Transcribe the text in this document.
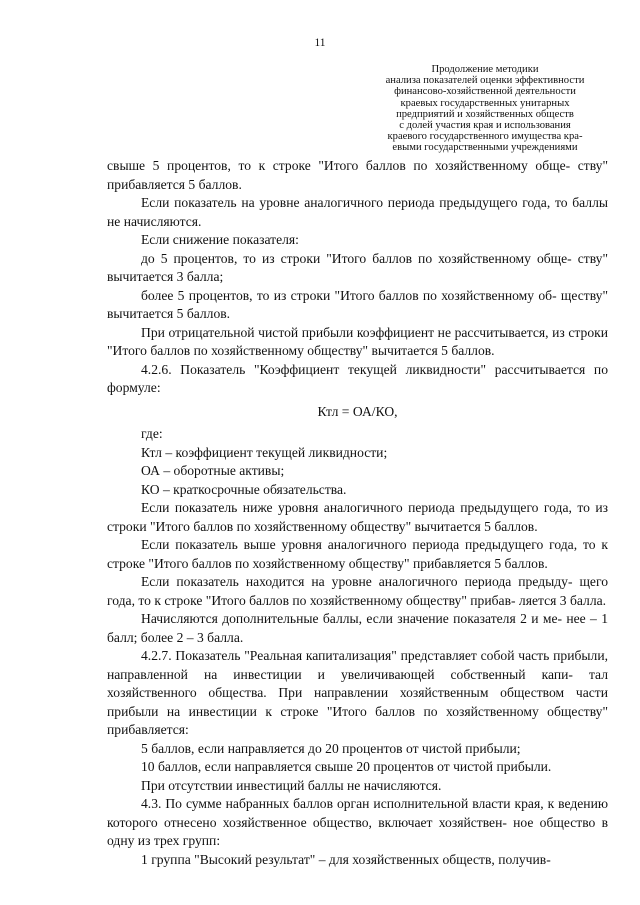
11
Продолжение методики
анализа показателей оценки эффективности
финансово-хозяйственной деятельности
краевых государственных унитарных
предприятий и хозяйственных обществ
с долей участия края и использования
краевого государственного имущества кра-
евыми государственными учреждениями

свыше 5 процентов, то к строке "Итого баллов по хозяйственному обще- ству" прибавляется 5 баллов.

Если показатель на уровне аналогичного периода предыдущего года, то баллы не начисляются.

Если снижение показателя:

до 5 процентов, то из строки "Итого баллов по хозяйственному обще- ству" вычитается 3 балла;

более 5 процентов, то из строки "Итого баллов по хозяйственному об- ществу" вычитается 5 баллов.

При отрицательной чистой прибыли коэффициент не рассчитывается, из строки "Итого баллов по хозяйственному обществу" вычитается 5 баллов.

4.2.6. Показатель "Коэффициент текущей ликвидности" рассчитывается по формуле:

Ктл = ОА/КО,

где:

Ктл – коэффициент текущей ликвидности;

ОА – оборотные активы;

КО – краткосрочные обязательства.

Если показатель ниже уровня аналогичного периода предыдущего года, то из строки "Итого баллов по хозяйственному обществу" вычитается 5 баллов.

Если показатель выше уровня аналогичного периода предыдущего года, то к строке "Итого баллов по хозяйственному обществу" прибавляется 5 баллов.

Если показатель находится на уровне аналогичного периода предыду- щего года, то к строке "Итого баллов по хозяйственному обществу" прибав- ляется 3 балла.

Начисляются дополнительные баллы, если значение показателя 2 и ме- нее – 1 балл; более 2 – 3 балла.

4.2.7. Показатель "Реальная капитализация" представляет собой часть прибыли, направленной на инвестиции и увеличивающей собственный капи- тал хозяйственного общества. При направлении хозяйственным обществом части прибыли на инвестиции к строке "Итого баллов по хозяйственному обществу" прибавляется:

5 баллов, если направляется до 20 процентов от чистой прибыли;

10 баллов, если направляется свыше 20 процентов от чистой прибыли.

При отсутствии инвестиций баллы не начисляются.

4.3. По сумме набранных баллов орган исполнительной власти края, к ведению которого отнесено хозяйственное общество, включает хозяйствен- ное общество в одну из трех групп:

1 группа "Высокий результат" – для хозяйственных обществ, получив-
